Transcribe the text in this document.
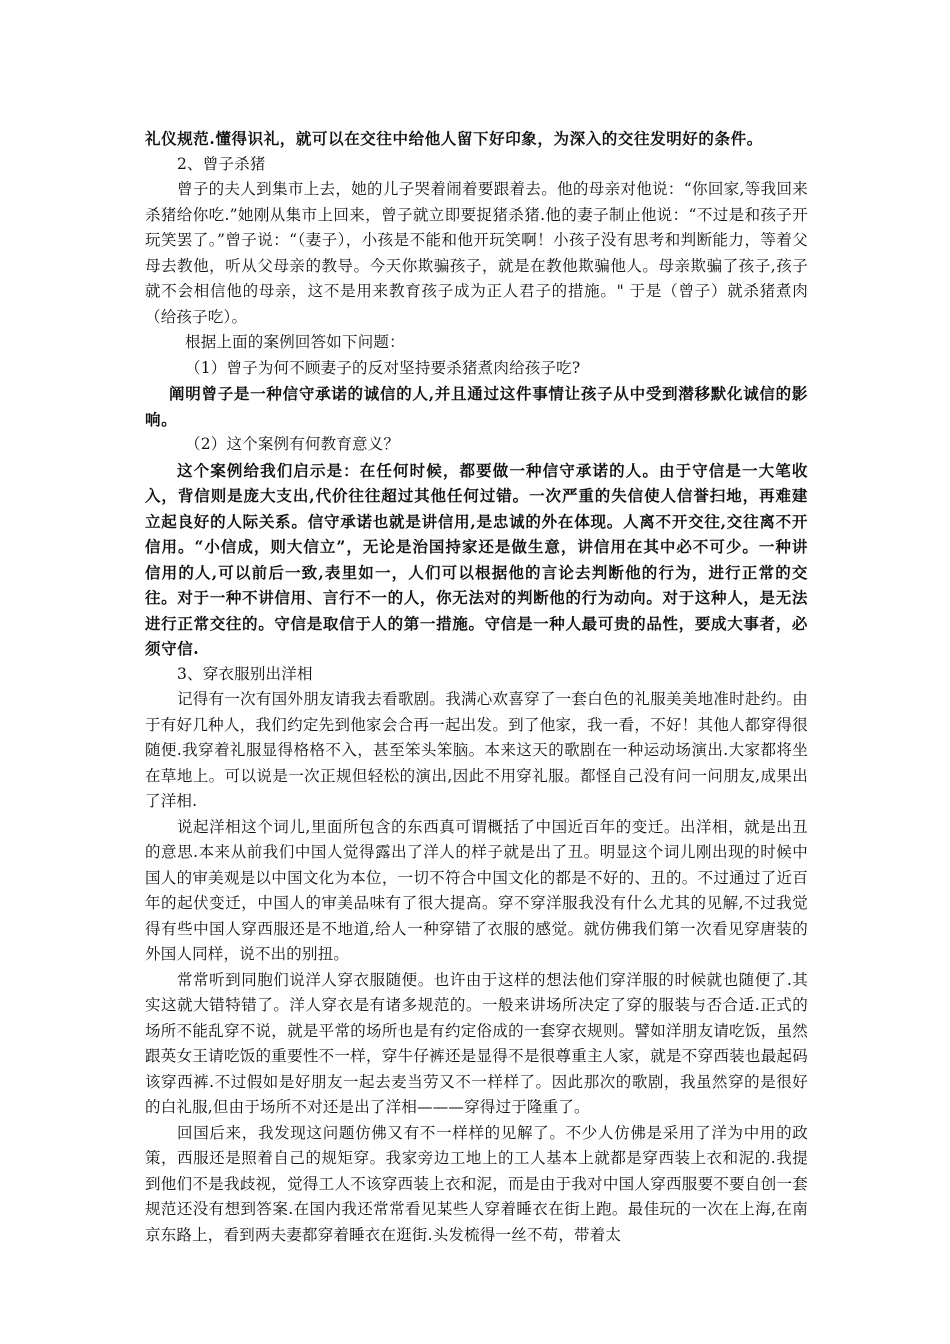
礼仪规范.懂得识礼，就可以在交往中给他人留下好印象，为深入的交往发明好的条件。

2、曾子杀猪

曾子的夫人到集市上去，她的儿子哭着闹着要跟着去。他的母亲对他说：“你回家,等我回来杀猪给你吃.”她刚从集市上回来，曾子就立即要捉猪杀猪.他的妻子制止他说：“不过是和孩子开玩笑罢了。”曾子说：“（妻子），小孩是不能和他开玩笑啊！小孩子没有思考和判断能力，等着父母去教他，听从父母亲的教导。今天你欺骗孩子，就是在教他欺骗他人。母亲欺骗了孩子,孩子就不会相信他的母亲，这不是用来教育孩子成为正人君子的措施。" 于是（曾子）就杀猪煮肉（给孩子吃）。

根据上面的案例回答如下问题：

（1）曾子为何不顾妻子的反对坚持要杀猪煮肉给孩子吃?

阐明曾子是一种信守承诺的诚信的人,并且通过这件事情让孩子从中受到潜移默化诚信的影响。

（2）这个案例有何教育意义？

这个案例给我们启示是：在任何时候，都要做一种信守承诺的人。由于守信是一大笔收入，背信则是庞大支出,代价往往超过其他任何过错。一次严重的失信使人信誉扫地，再难建立起良好的人际关系。信守承诺也就是讲信用,是忠诚的外在体现。人离不开交往,交往离不开信用。“小信成，则大信立”，无论是治国持家还是做生意，讲信用在其中必不可少。一种讲信用的人,可以前后一致,表里如一，人们可以根据他的言论去判断他的行为，进行正常的交往。对于一种不讲信用、言行不一的人，你无法对的判断他的行为动向。对于这种人，是无法进行正常交往的。守信是取信于人的第一措施。守信是一种人最可贵的品性，要成大事者，必须守信.

3、穿衣服别出洋相

记得有一次有国外朋友请我去看歌剧。我满心欢喜穿了一套白色的礼服美美地准时赴约。由于有好几种人，我们约定先到他家会合再一起出发。到了他家，我一看，不好！其他人都穿得很随便.我穿着礼服显得格格不入，甚至笨头笨脑。本来这天的歌剧在一种运动场演出.大家都将坐在草地上。可以说是一次正规但轻松的演出,因此不用穿礼服。都怪自己没有问一问朋友,成果出了洋相.

说起洋相这个词儿,里面所包含的东西真可谓概括了中国近百年的变迁。出洋相，就是出丑的意思.本来从前我们中国人觉得露出了洋人的样子就是出了丑。明显这个词儿刚出现的时候中国人的审美观是以中国文化为本位，一切不符合中国文化的都是不好的、丑的。不过通过了近百年的起伏变迁，中国人的审美品味有了很大提高。穿不穿洋服我没有什么尤其的见解,不过我觉得有些中国人穿西服还是不地道,给人一种穿错了衣服的感觉。就仿佛我们第一次看见穿唐装的外国人同样，说不出的别扭。

常常听到同胞们说洋人穿衣服随便。也许由于这样的想法他们穿洋服的时候就也随便了.其实这就大错特错了。洋人穿衣是有诸多规范的。一般来讲场所决定了穿的服装与否合适.正式的场所不能乱穿不说，就是平常的场所也是有约定俗成的一套穿衣规则。譬如洋朋友请吃饭，虽然跟英女王请吃饭的重要性不一样，穿牛仔裤还是显得不是很尊重主人家，就是不穿西装也最起码该穿西裤.不过假如是好朋友一起去麦当劳又不一样样了。因此那次的歌剧，我虽然穿的是很好的白礼服,但由于场所不对还是出了洋相———穿得过于隆重了。

回国后来，我发现这问题仿佛又有不一样样的见解了。不少人仿佛是采用了洋为中用的政策，西服还是照着自己的规矩穿。我家旁边工地上的工人基本上就都是穿西装上衣和泥的.我提到他们不是我歧视，觉得工人不该穿西装上衣和泥，而是由于我对中国人穿西服要不要自创一套规范还没有想到答案.在国内我还常常看见某些人穿着睡衣在街上跑。最佳玩的一次在上海,在南京东路上，看到两夫妻都穿着睡衣在逛街.头发梳得一丝不苟，带着太
